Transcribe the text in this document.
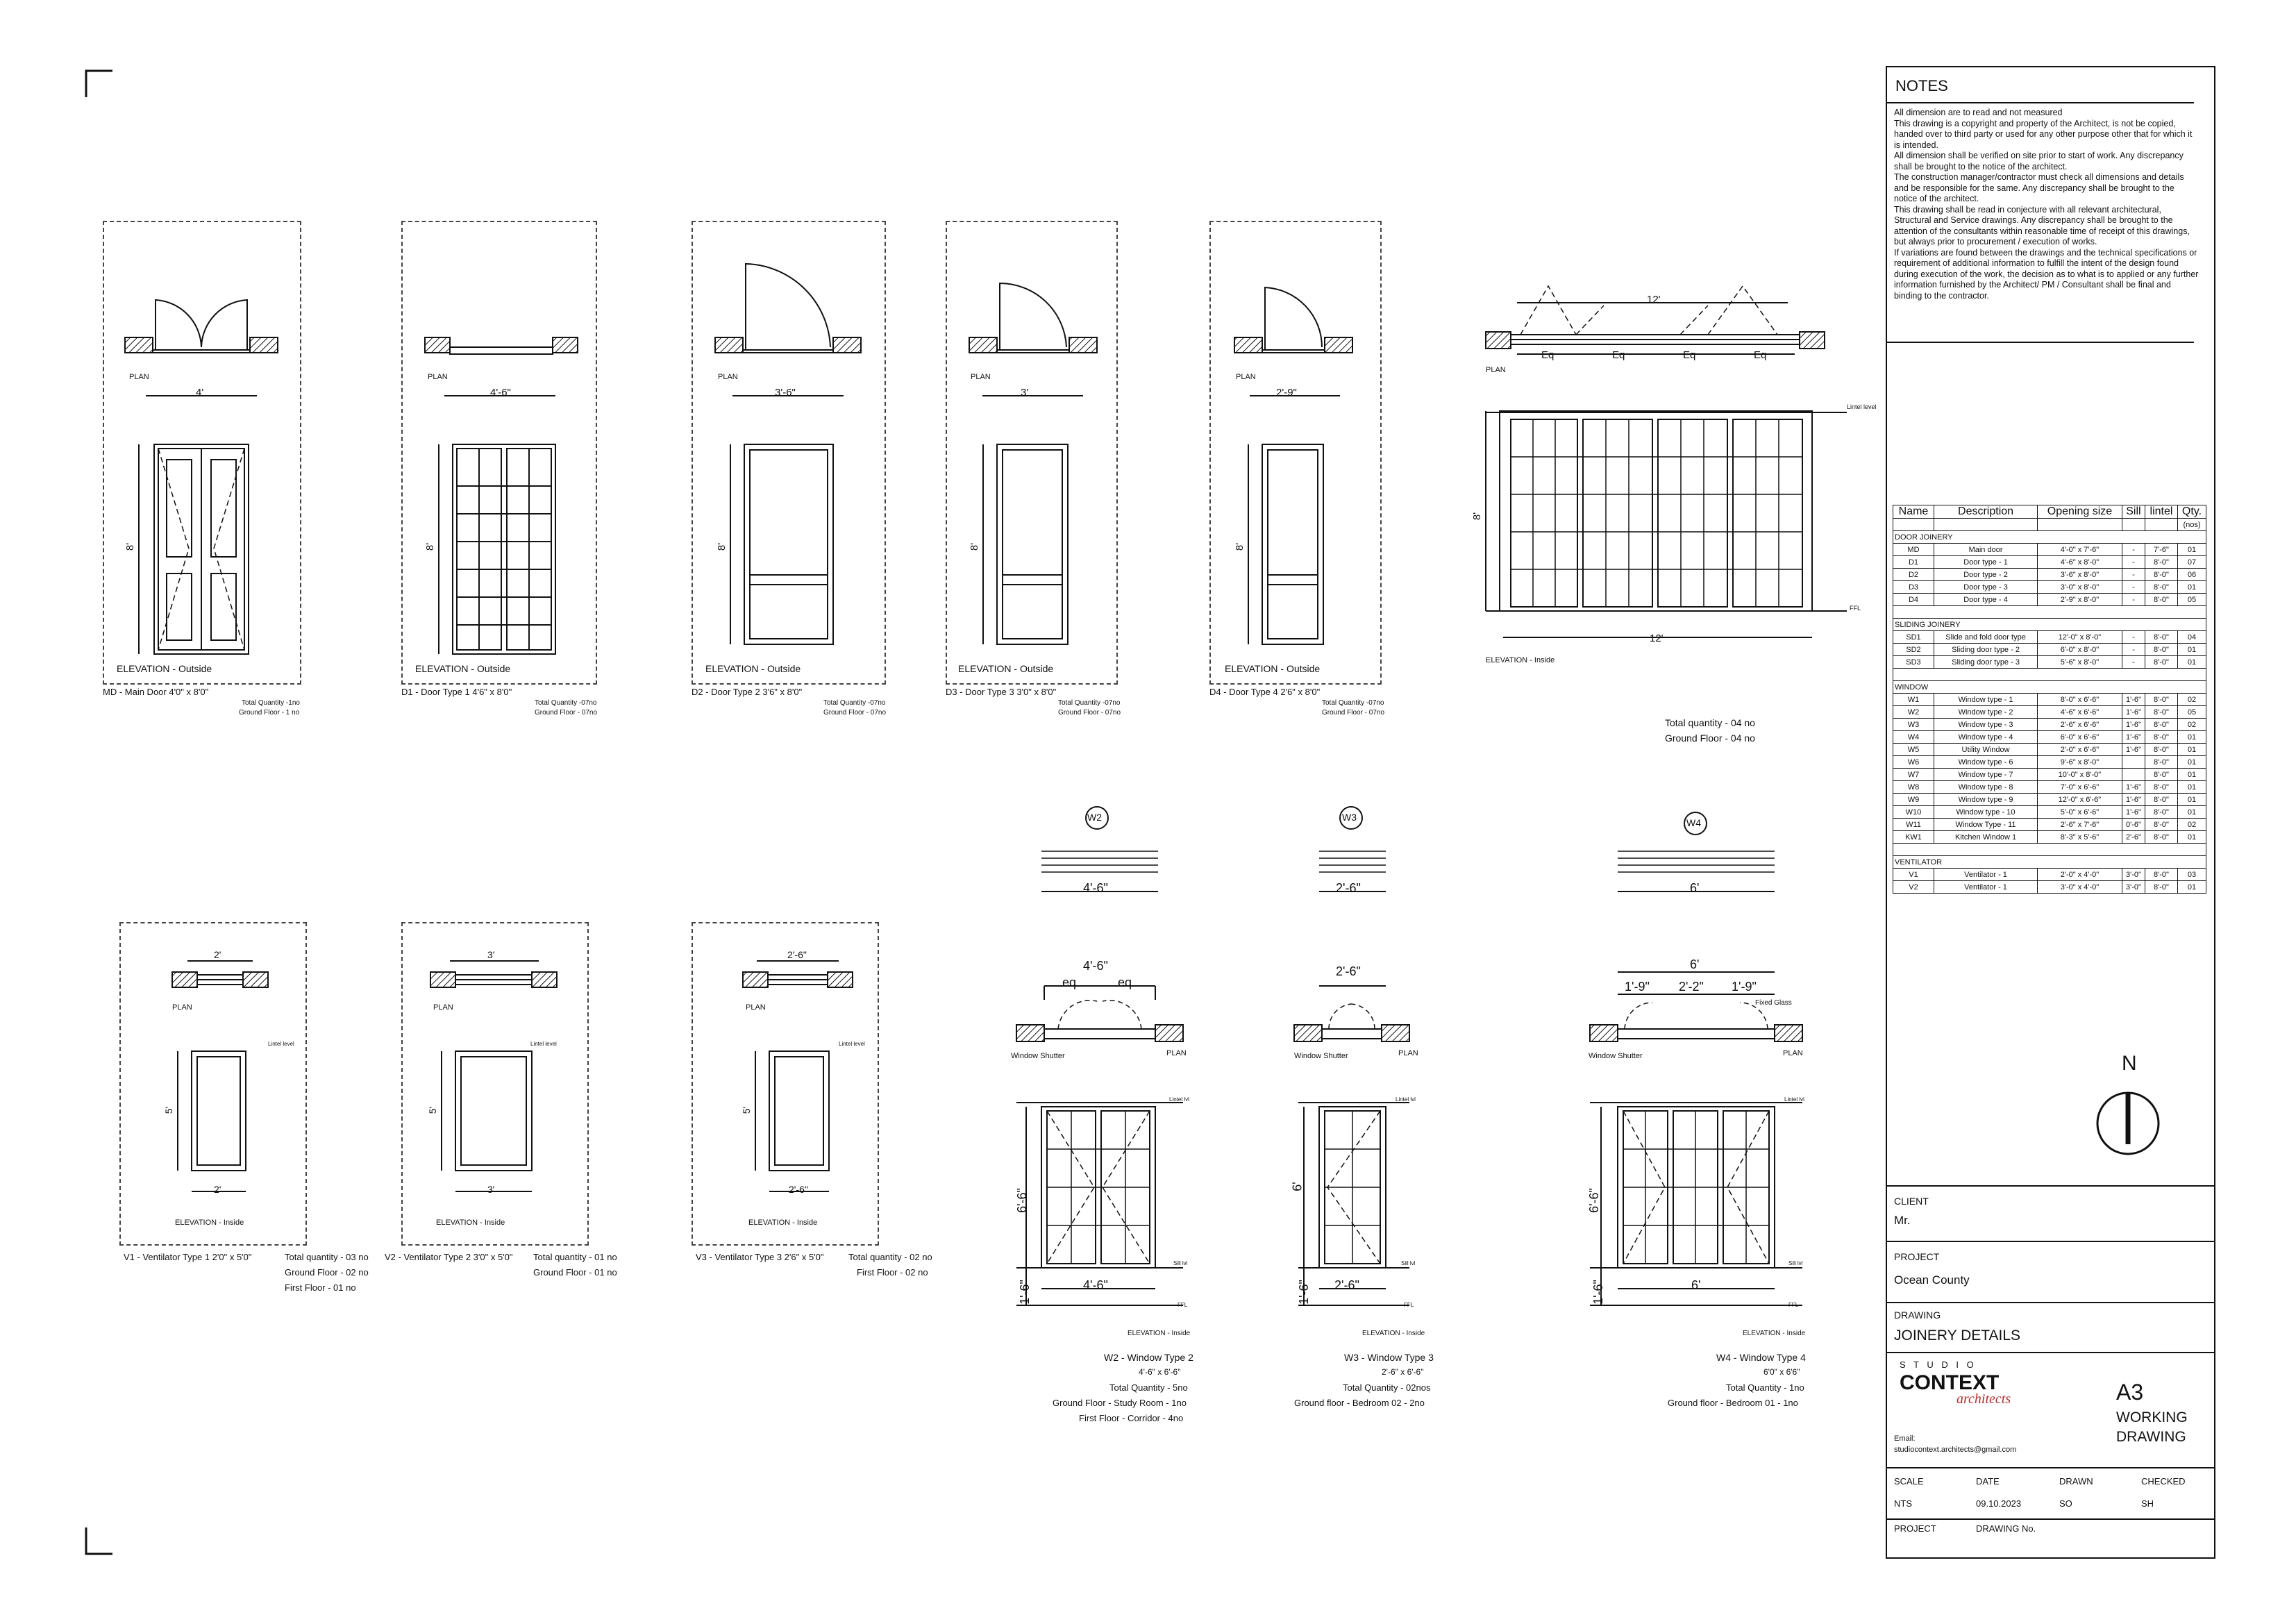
PLAN
4'
8'
ELEVATION - Outside
MD - Main Door 4'0" x 8'0"
Total Quantity -1no
Ground Floor - 1 no
PLAN
4'-6"
8'
ELEVATION - Outside
D1 - Door Type 1 4'6" x 8'0"
Total Quantity -07no
Ground Floor - 07no
PLAN
3'-6"
8'
ELEVATION - Outside
D2 - Door Type 2 3'6" x 8'0"
Total Quantity -07no
Ground Floor - 07no
PLAN
3'
8'
ELEVATION - Outside
D3 - Door Type 3 3'0" x 8'0"
Total Quantity -07no
Ground Floor - 07no
PLAN
2'-9"
8'
ELEVATION - Outside
D4 - Door Type 4 2'6" x 8'0"
Total Quantity -07no
Ground Floor - 07no
12'
Eq	Eq	Eq	Eq
PLAN
Lintel level
8'
FFL
12'
ELEVATION - Inside
Total quantity - 04 no
Ground Floor - 04 no
2'
PLAN
Lintel level
5'
2'
ELEVATION - Inside
V1 - Ventilator Type 1 2'0" x 5'0"	Total quantity - 03 no
Ground Floor - 02 no
First Floor - 01 no
3'
PLAN
Lintel level
5'
3'
ELEVATION - Inside
V2 - Ventilator Type 2 3'0" x 5'0" Total quantity - 01 no
Ground Floor - 01 no
2'-6"
PLAN
Lintel level
5'
2'-6"
ELEVATION - Inside
V3 - Ventilator Type 3 2'6" x 5'0"	Total quantity - 02 no
First Floor - 02 no
W2
4'-6"
4'-6"
eq	eq
Window Shutter	PLAN
Lintel lvl
6'-6"
Sill lvl
4'-6"
1'-6"
FFL
ELEVATION - Inside
W2 - Window Type 2
4'-6" x 6'-6"
Total Quantity - 5no
Ground Floor - Study Room - 1no
First Floor - Corridor - 4no
W3
2'-6"
2'-6"
Window Shutter	PLAN
Lintel lvl
6'
Sill lvl
2'-6"
1'-6"
FFL
ELEVATION - Inside
W3 - Window Type 3
2'-6" x 6'-6"
Total Quantity - 02nos
Ground floor - Bedroom 02 - 2no
W4
6'
6'
1'-9" 2'-2" 1'-9"
Fixed Glass
Window Shutter	PLAN
Lintel lvl
6'-6"
Sill lvl
6'
1'-6"
FFL
ELEVATION - Inside
W4 - Window Type 4
6'0" x 6'6"
Total Quantity - 1no
Ground floor - Bedroom 01 - 1no
NOTES

All dimension are to read and not measured

This drawing is a copyright and property of the Architect, is not be copied, handed over to third party or used for any other purpose other that for which it is intended.

All dimension shall be verified on site prior to start of work. Any discrepancy shall be brought to the notice of the architect.

The construction manager/contractor must check all dimensions and details and be responsible for the same. Any discrepancy shall be brought to the notice of the architect.

This drawing shall be read in conjecture with all relevant architectural, Structural and Service drawings. Any discrepancy shall be brought to the attention of the consultants within reasonable time of receipt of this drawings, but always prior to procurement / execution of works.

If variations are found between the drawings and the technical specifications or requirement of additional information to fulfill the intent of the design found during execution of the work, the decision as to what is to applied or any further information furnished by the Architect/ PM / Consultant shall be final and binding to the contractor.

Name	Description	Opening size	Sill	lintel	Qty.
					(nos)
DOOR JOINERY					
MD	Main door	4'-0" x 7'-6"	-	7'-6"	01
D1	Door type - 1	4'-6" x 8'-0"	-	8'-0"	07
D2	Door type - 2	3'-6" x 8'-0"	-	8'-0"	06
D3	Door type - 3	3'-0" x 8'-0"	-	8'-0"	01
D4	Door type - 4	2'-9" x 8'-0"	-	8'-0"	05

SLIDING JOINERY					
SD1	Slide and fold door type	12'-0" x 8'-0"	-	8'-0"	04
SD2	Sliding door type - 2	6'-0" x 8'-0"	-	8'-0"	01
SD3	Sliding door type - 3	5'-6" x 8'-0"	-	8'-0"	01

WINDOW					
W1	Window type - 1	8'-0" x 6'-6"	1'-6"	8'-0"	02
W2	Window type - 2	4'-6" x 6'-6"	1'-6"	8'-0"	05
W3	Window type - 3	2'-6" x 6'-6"	1'-6"	8'-0"	02
W4	Window type - 4	6'-0" x 6'-6"	1'-6"	8'-0"	01
W5	Utility Window	2'-0" x 6'-6"	1'-6"	8'-0"	01
W6	Window type - 6	9'-6" x 8'-0"		8'-0"	01
W7	Window type - 7	10'-0" x 8'-0"		8'-0"	01
W8	Window type - 8	7'-0" x 6'-6"	1'-6"	8'-0"	01
W9	Window type - 9	12'-0" x 6'-6"	1'-6"	8'-0"	01
W10	Window type - 10	5'-0" x 6'-6"	1'-6"	8'-0"	01
W11	Window Type - 11	2'-6" x 7'-6"	0'-6"	8'-0"	02
KW1	Kitchen Window 1	8'-3" x 5'-6"	2'-6"	8'-0"	01

VENTILATOR					
V1	Ventilator - 1	2'-0" x 4'-0"	3'-0"	8'-0"	03
V2	Ventilator - 1	3'-0" x 4'-0"	3'-0"	8'-0"	01
N
CLIENT
Mr.
PROJECT
Ocean County
DRAWING
JOINERY DETAILS
S T U D I O
CONTEXT
architects
Email:
studiocontext.architects@gmail.com
A3
WORKING
DRAWING
SCALE	DATE	DRAWN	CHECKED
NTS	09.10.2023	SO	SH
PROJECT	DRAWING No.
